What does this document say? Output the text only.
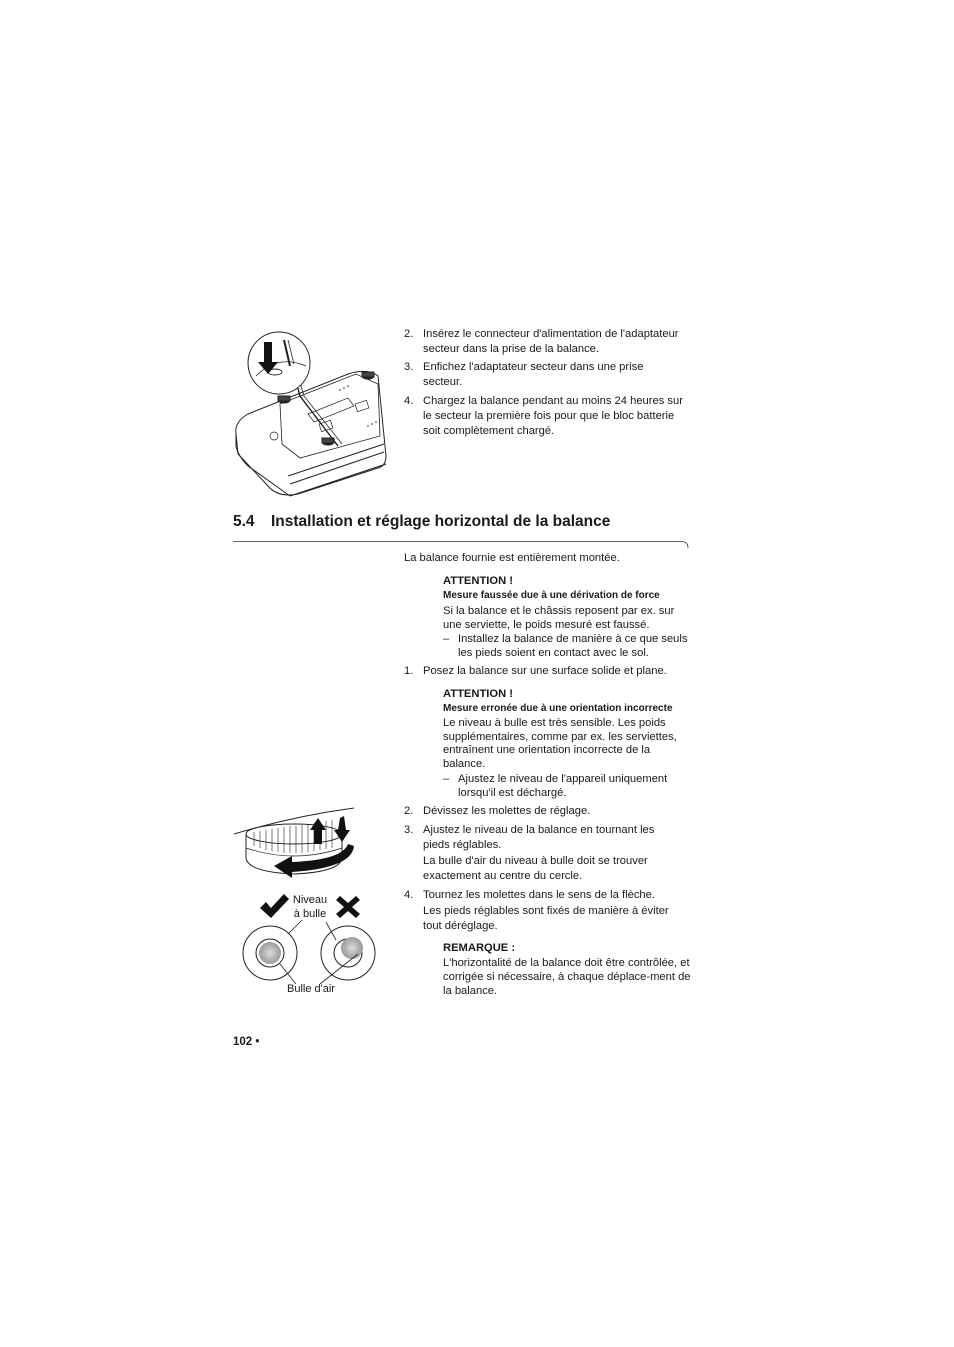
2. Insérez le connecteur d'alimentation de l'adaptateur secteur dans la prise de la balance.

3. Enfichez l'adaptateur secteur dans une prise secteur.

4. Chargez la balance pendant au moins 24 heures sur le secteur la première fois pour que le bloc batterie soit complètement chargé.

5.4 Installation et réglage horizontal de la balance
La balance fournie est entièrement montée.
ATTENTION !
Mesure faussée due à une dérivation de force
Si la balance et le châssis reposent par ex. sur une serviette, le poids mesuré est faussé.
– Installez la balance de manière à ce que seuls les pieds soient en contact avec le sol.
1. Posez la balance sur une surface solide et plane.

ATTENTION !
Mesure erronée due à une orientation incorrecte
Le niveau à bulle est très sensible. Les poids supplémentaires, comme par ex. les serviettes, entraînent une orientation incorrecte de la balance.
– Ajustez le niveau de l'appareil uniquement lorsqu'il est déchargé.
2. Dévissez les molettes de réglage.

3. Ajustez le niveau de la balance en tournant les pieds réglables.

La bulle d'air du niveau à bulle doit se trouver exactement au centre du cercle.

4. Tournez les molettes dans le sens de la flèche.

Les pieds réglables sont fixés de manière à éviter tout déréglage.

REMARQUE :
L'horizontalité de la balance doit être contrôlée, et corrigée si nécessaire, à chaque déplace-ment de la balance.
Niveau
à bulle
Bulle d'air
102 •
